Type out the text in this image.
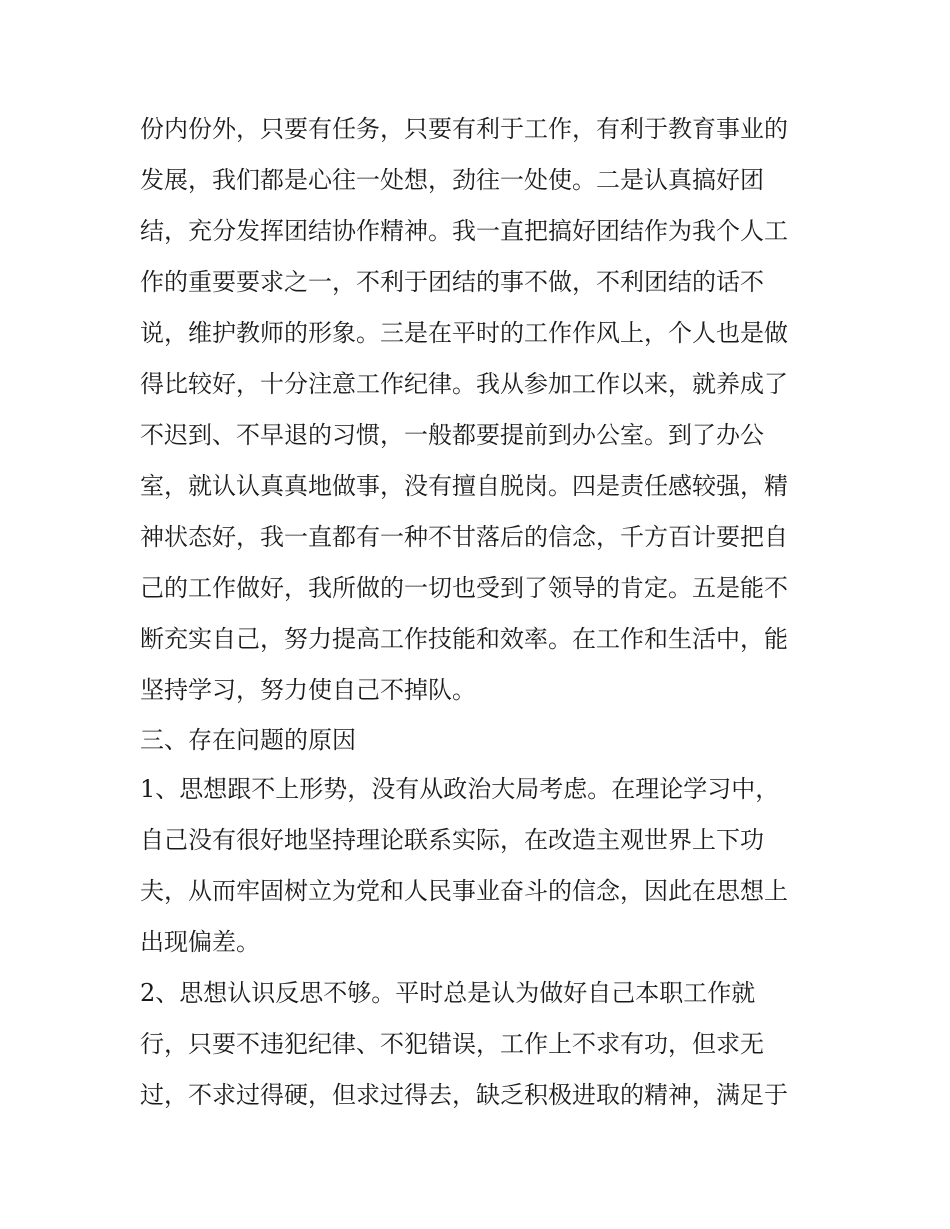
份内份外，只要有任务，只要有利于工作，有利于教育事业的
发展，我们都是心往一处想，劲往一处使。二是认真搞好团
结，充分发挥团结协作精神。我一直把搞好团结作为我个人工
作的重要要求之一，不利于团结的事不做，不利团结的话不
说，维护教师的形象。三是在平时的工作作风上，个人也是做
得比较好，十分注意工作纪律。我从参加工作以来，就养成了
不迟到、不早退的习惯，一般都要提前到办公室。到了办公
室，就认认真真地做事，没有擅自脱岗。四是责任感较强，精
神状态好，我一直都有一种不甘落后的信念，千方百计要把自
己的工作做好，我所做的一切也受到了领导的肯定。五是能不
断充实自己，努力提高工作技能和效率。在工作和生活中，能
坚持学习，努力使自己不掉队。
三、存在问题的原因
1、思想跟不上形势，没有从政治大局考虑。在理论学习中，
自己没有很好地坚持理论联系实际，在改造主观世界上下功
夫，从而牢固树立为党和人民事业奋斗的信念，因此在思想上
出现偏差。
2、思想认识反思不够。平时总是认为做好自己本职工作就
行，只要不违犯纪律、不犯错误，工作上不求有功，但求无
过，不求过得硬，但求过得去，缺乏积极进取的精神，满足于
